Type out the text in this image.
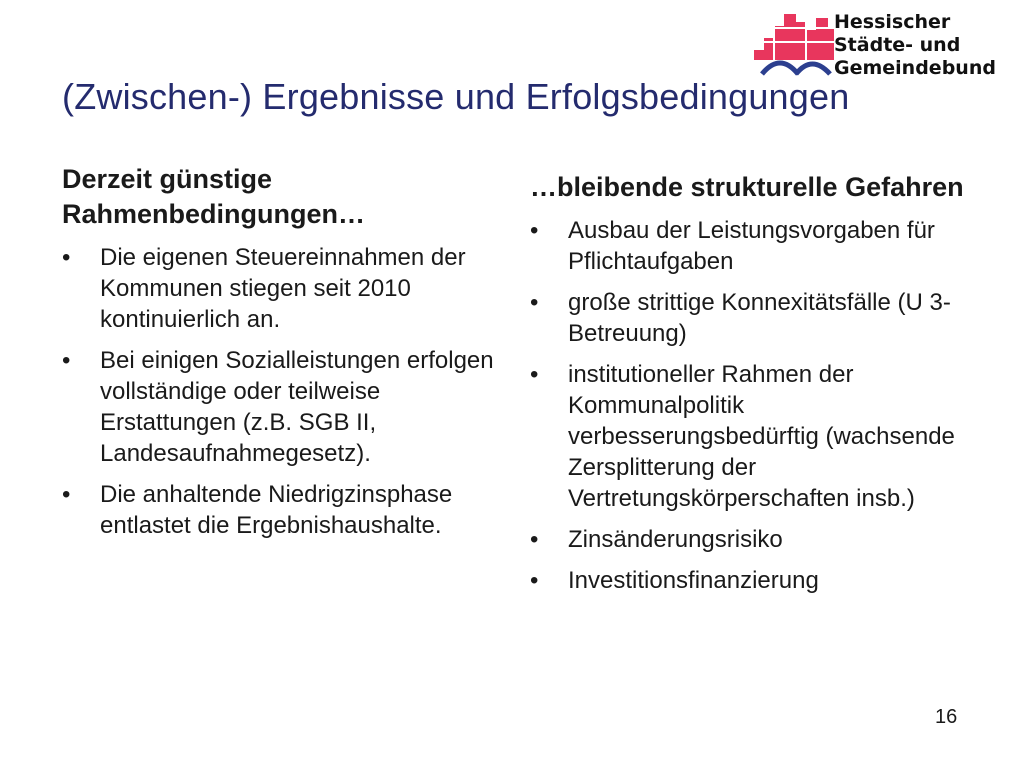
Hessischer
Städte- und
Gemeindebund
(Zwischen-) Ergebnisse und Erfolgsbedingungen
Derzeit günstige Rahmenbedingungen…
•	Die eigenen Steuereinnahmen der Kommunen stiegen seit 2010 kontinuierlich an.
•	Bei einigen Sozialleistungen erfolgen vollständige oder teilweise Erstattungen (z.B. SGB II, Landesaufnahmegesetz).
•	Die anhaltende Niedrigzinsphase entlastet die Ergebnishaushalte.
…bleibende strukturelle Gefahren
•	Ausbau der Leistungsvorgaben für Pflichtaufgaben
•	große strittige Konnexitätsfälle (U 3- Betreuung)
•	institutioneller Rahmen der Kommunalpolitik verbesserungsbedürftig (wachsende Zersplitterung der Vertretungskörperschaften insb.)
•	Zinsänderungsrisiko
•	Investitionsfinanzierung
16
